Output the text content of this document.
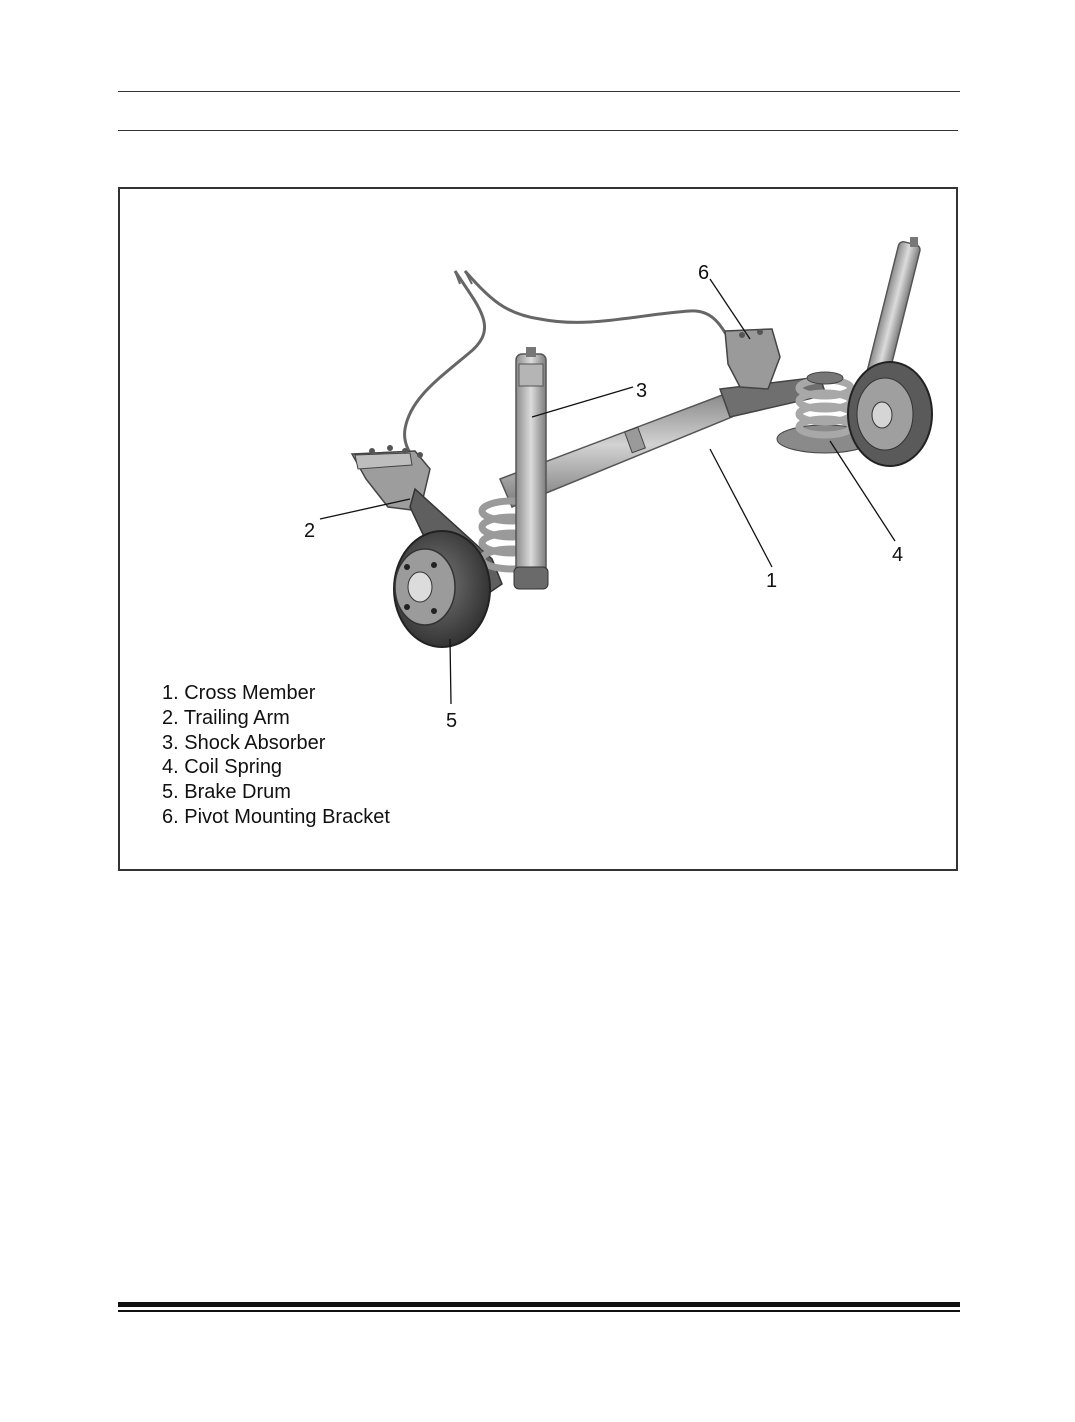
1
2
3
4
5
6
1. Cross Member
2. Trailing Arm
3. Shock Absorber
4. Coil Spring
5. Brake Drum
6. Pivot Mounting Bracket
